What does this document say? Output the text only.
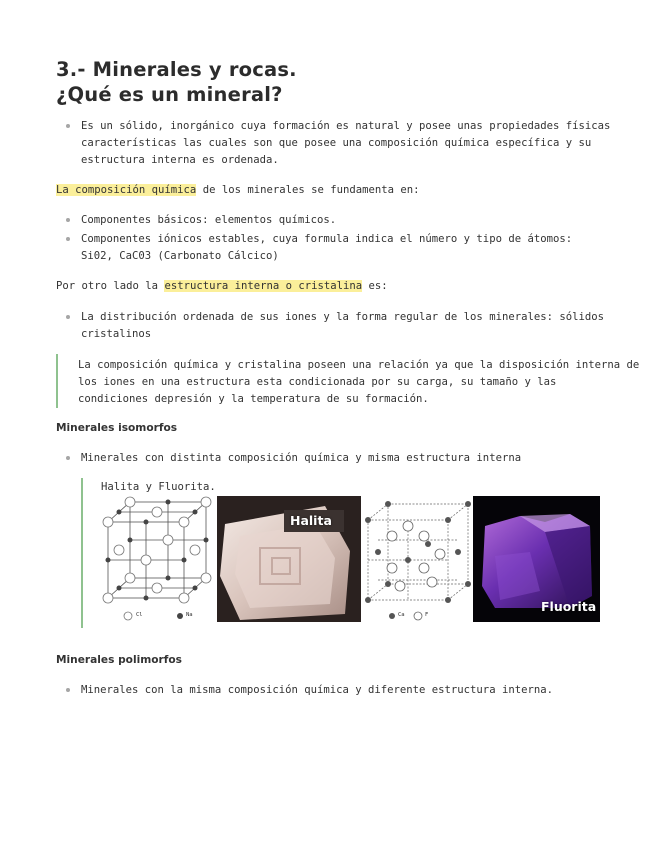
3.- Minerales y rocas.
¿Qué es un mineral?
Es un sólido, inorgánico cuya formación es natural y posee unas propiedades físicas
características las cuales son que posee una composición química específica y su
estructura interna es ordenada.

La composición química de los minerales se fundamenta en:

Componentes básicos: elementos químicos.
Componentes iónicos estables, cuya formula indica el número y tipo de átomos:
Si02, CaC03 (Carbonato Cálcico)

Por otro lado la estructura interna o cristalina es:

La distribución ordenada de sus iones y la forma regular de los minerales: sólidos
cristalinos

La composición química y cristalina poseen una relación ya que la disposición interna de
los iones en una estructura esta condicionada por su carga, su tamaño y las
condiciones depresión y la temperatura de su formación.

Minerales isomorfos

Minerales con distinta composición química y misma estructura interna

Halita y Fluorita.

Cl	Na	Ca	F
Halita
Fluorita

Minerales polimorfos

Minerales con la misma composición química y diferente estructura interna.
